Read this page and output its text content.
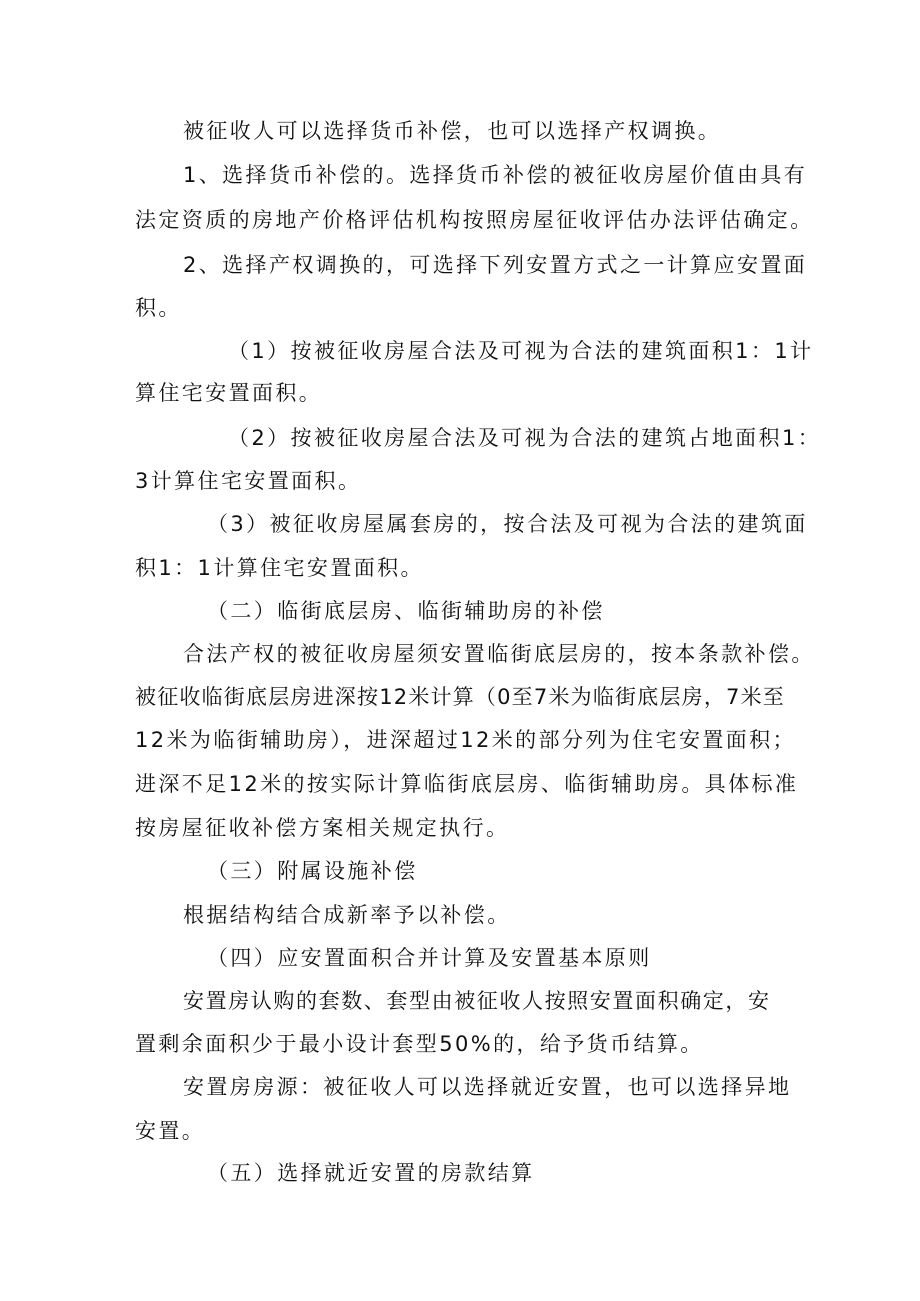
被征收人可以选择货币补偿，也可以选择产权调换。
1、选择货币补偿的。选择货币补偿的被征收房屋价值由具有
法定资质的房地产价格评估机构按照房屋征收评估办法评估确定。
2、选择产权调换的，可选择下列安置方式之一计算应安置面
积。
（1）按被征收房屋合法及可视为合法的建筑面积1：1计
算住宅安置面积。
（2）按被征收房屋合法及可视为合法的建筑占地面积1：
3计算住宅安置面积。
（3）被征收房屋属套房的，按合法及可视为合法的建筑面
积1：1计算住宅安置面积。
（二）临街底层房、临街辅助房的补偿
合法产权的被征收房屋须安置临街底层房的，按本条款补偿。
被征收临街底层房进深按12米计算（0至7米为临街底层房，7米至
12米为临街辅助房），进深超过12米的部分列为住宅安置面积；
进深不足12米的按实际计算临街底层房、临街辅助房。具体标准
按房屋征收补偿方案相关规定执行。
（三）附属设施补偿
根据结构结合成新率予以补偿。
（四）应安置面积合并计算及安置基本原则
安置房认购的套数、套型由被征收人按照安置面积确定，安
置剩余面积少于最小设计套型50%的，给予货币结算。
安置房房源：被征收人可以选择就近安置，也可以选择异地
安置。
（五）选择就近安置的房款结算
